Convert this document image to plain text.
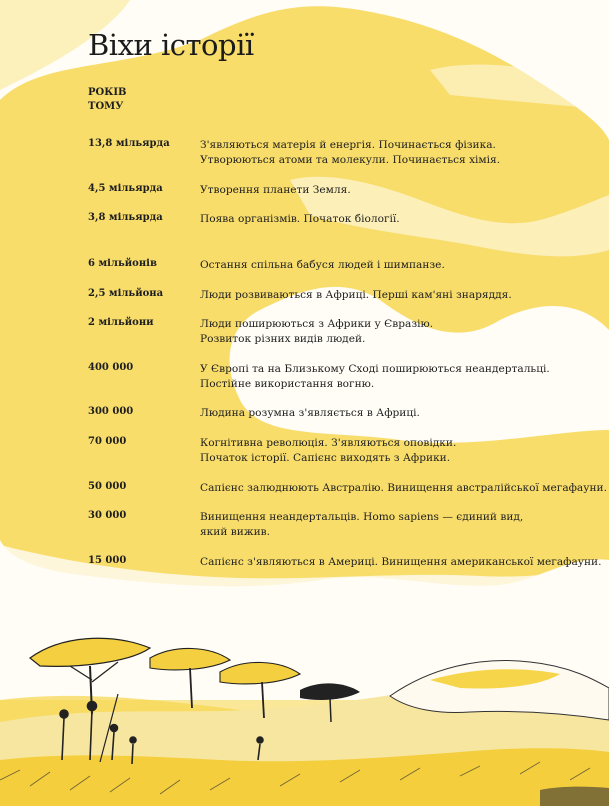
Віхи історії
РОКІВ
ТОМУ
13,8 мільярда	З'являються матерія й енергія. Починається фізика.
Утворюються атоми та молекули. Починається хімія.
4,5 мільярда	Утворення планети Земля.
3,8 мільярда	Поява організмів. Початок біології.
6 мільйонів	Остання спільна бабуся людей і шимпанзе.
2,5 мільйона	Люди розвиваються в Африці. Перші кам'яні знаряддя.
2 мільйони	Люди поширюються з Африки у Євразію.
Розвиток різних видів людей.
400 000	У Європі та на Близькому Сході поширюються неандертальці.
Постійне використання вогню.
300 000	Людина розумна з'являється в Африці.
70 000	Когнітивна революція. З'являються оповідки.
Початок історії. Сапієнс виходять з Африки.
50 000	Сапієнс залюднюють Австралію. Винищення австралійської мегафауни.
30 000	Винищення неандертальців. Homo sapiens — єдиний вид,
який вижив.
15 000	Сапієнс з'являються в Америці. Винищення американської мегафауни.
